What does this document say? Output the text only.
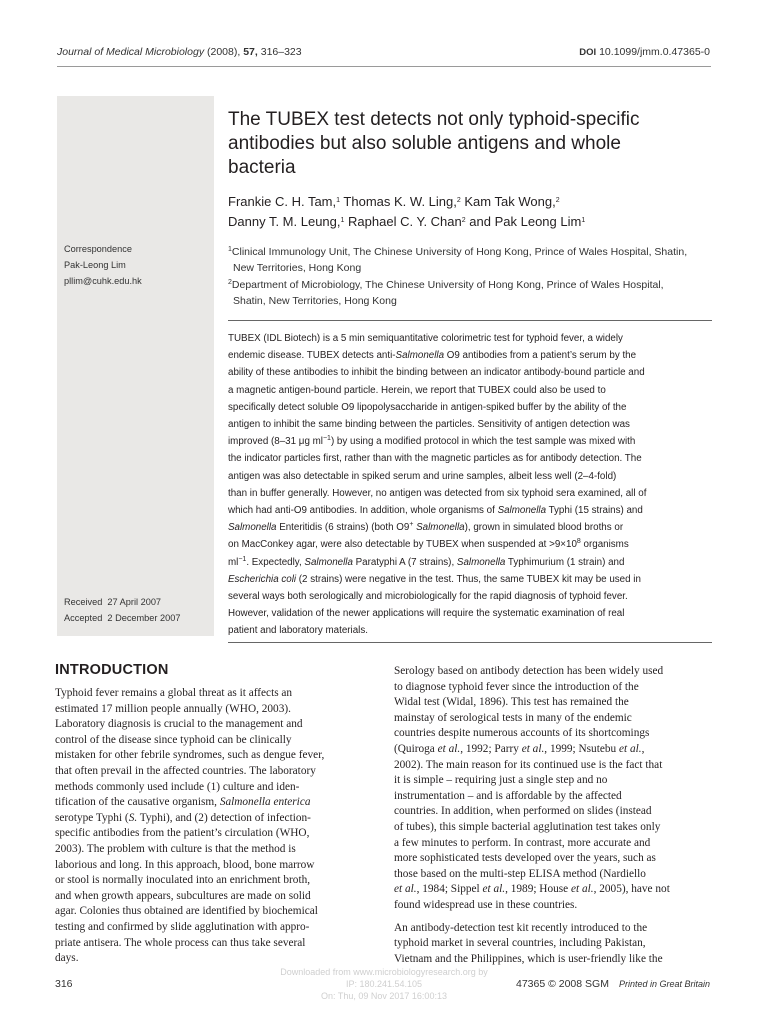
Journal of Medical Microbiology (2008), 57, 316–323	DOI 10.1099/jmm.0.47365-0
Correspondence
Pak-Leong Lim
pllim@cuhk.edu.hk
Received  27 April 2007
Accepted  2 December 2007
The TUBEX test detects not only typhoid-specific
antibodies but also soluble antigens and whole
bacteria
Frankie C. H. Tam,$^1$ Thomas K. W. Ling,$^2$ Kam Tak Wong,$^2$
Danny T. M. Leung,$^1$ Raphael C. Y. Chan$^2$ and Pak Leong Lim$^1$
$^1$Clinical Immunology Unit, The Chinese University of Hong Kong, Prince of Wales Hospital, Shatin,
New Territories, Hong Kong
$^2$Department of Microbiology, The Chinese University of Hong Kong, Prince of Wales Hospital,
Shatin, New Territories, Hong Kong

TUBEX (IDL Biotech) is a 5 min semiquantitative colorimetric test for typhoid fever, a widely

endemic disease. TUBEX detects anti-Salmonella O9 antibodies from a patient’s serum by the

ability of these antibodies to inhibit the binding between an indicator antibody-bound particle and

a magnetic antigen-bound particle. Herein, we report that TUBEX could also be used to

specifically detect soluble O9 lipopolysaccharide in antigen-spiked buffer by the ability of the

antigen to inhibit the same binding between the particles. Sensitivity of antigen detection was

improved (8–31 μg $ml^{-1}$) by using a modified protocol in which the test sample was mixed with

the indicator particles first, rather than with the magnetic particles as for antibody detection. The

antigen was also detectable in spiked serum and urine samples, albeit less well (2–4-fold)

than in buffer generally. However, no antigen was detected from six typhoid sera examined, all of

which had anti-O9 antibodies. In addition, whole organisms of Salmonella Typhi (15 strains) and

Salmonella Enteritidis (6 strains) (both O9+ Salmonella), grown in simulated blood broths or

on MacConkey agar, were also detectable by TUBEX when suspended at $>9\times 10^8$ organisms

$ml^{-1}$. Expectedly, Salmonella Paratyphi A (7 strains), Salmonella Typhimurium (1 strain) and

Escherichia coli (2 strains) were negative in the test. Thus, the same TUBEX kit may be used in

several ways both serologically and microbiologically for the rapid diagnosis of typhoid fever.

However, validation of the newer applications will require the systematic examination of real

patient and laboratory materials.

INTRODUCTION

Typhoid fever remains a global threat as it affects an

estimated 17 million people annually (WHO, 2003).

Laboratory diagnosis is crucial to the management and

control of the disease since typhoid can be clinically

mistaken for other febrile syndromes, such as dengue fever,

that often prevail in the affected countries. The laboratory

methods commonly used include (1) culture and iden-

tification of the causative organism, Salmonella enterica

serotype Typhi (S. Typhi), and (2) detection of infection-

specific antibodies from the patient’s circulation (WHO,

2003). The problem with culture is that the method is

laborious and long. In this approach, blood, bone marrow

or stool is normally inoculated into an enrichment broth,

and when growth appears, subcultures are made on solid

agar. Colonies thus obtained are identified by biochemical

testing and confirmed by slide agglutination with appro-

priate antisera. The whole process can thus take several

days.

Serology based on antibody detection has been widely used

to diagnose typhoid fever since the introduction of the

Widal test (Widal, 1896). This test has remained the

mainstay of serological tests in many of the endemic

countries despite numerous accounts of its shortcomings

(Quiroga et al., 1992; Parry et al., 1999; Nsutebu et al.,

2002). The main reason for its continued use is the fact that

it is simple – requiring just a single step and no

instrumentation – and is affordable by the affected

countries. In addition, when performed on slides (instead

of tubes), this simple bacterial agglutination test takes only

a few minutes to perform. In contrast, more accurate and

more sophisticated tests developed over the years, such as

those based on the multi-step ELISA method (Nardiello

et al., 1984; Sippel et al., 1989; House et al., 2005), have not

found widespread use in these countries.

An antibody-detection test kit recently introduced to the

typhoid market in several countries, including Pakistan,

Vietnam and the Philippines, which is user-friendly like the

Downloaded from www.microbiologyresearch.org by
IP: 180.241.54.105
On: Thu, 09 Nov 2017 16:00:13
316	47365 © 2008 SGM Printed in Great Britain
